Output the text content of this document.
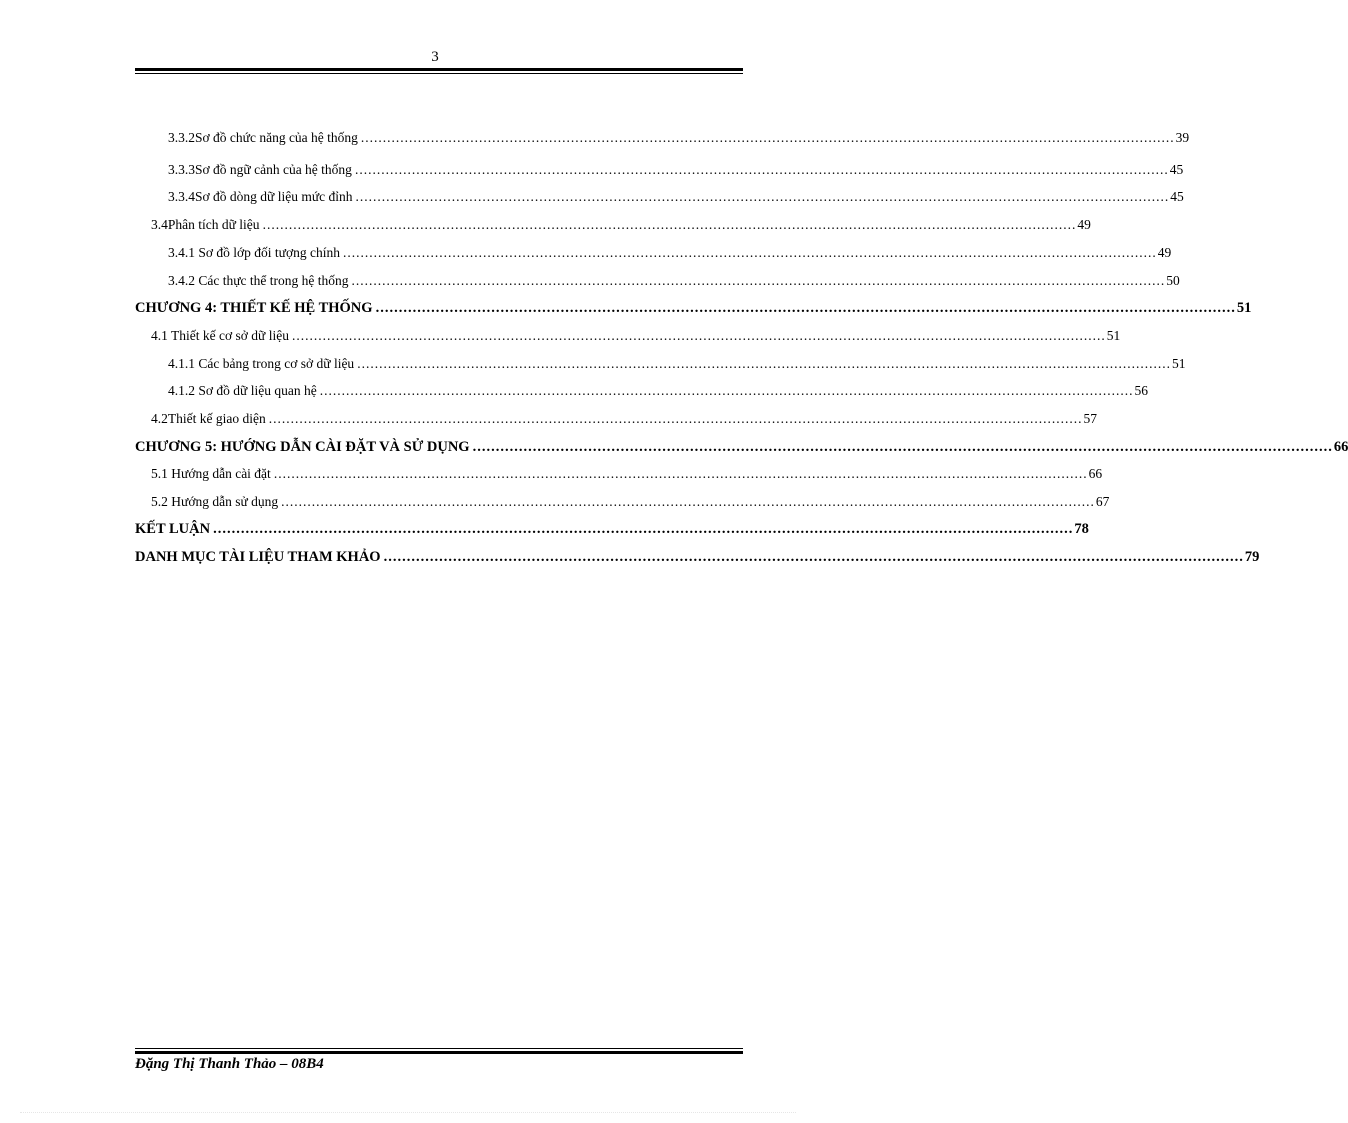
3
3.3.2 Sơ đồ chức năng của hệ thống .......................................................................................................................................................................................... 39
3.3.3 Sơ đồ ngữ cảnh của hệ thống .......................................................................................................................................................................................... 45
3.3.4 Sơ đồ dòng dữ liệu mức đỉnh .......................................................................................................................................................................................... 45
3.4 Phân tích dữ liệu .......................................................................................................................................................................................... 49
3.4.1 Sơ đồ lớp đối tượng chính .......................................................................................................................................................................................... 49
3.4.2 Các thực thể trong hệ thống .......................................................................................................................................................................................... 50
CHƯƠNG 4: THIẾT KẾ HỆ THỐNG .......................................................................................................................................................................................... 51
4.1 Thiết kế cơ sở dữ liệu .......................................................................................................................................................................................... 51
4.1.1 Các bảng trong cơ sở dữ liệu .......................................................................................................................................................................................... 51
4.1.2 Sơ đồ dữ liệu quan hệ .......................................................................................................................................................................................... 56
4.2 Thiết kế giao diện .......................................................................................................................................................................................... 57
CHƯƠNG 5: HƯỚNG DẪN CÀI ĐẶT VÀ SỬ DỤNG .......................................................................................................................................................................................... 66
5.1 Hướng dẫn cài đặt .......................................................................................................................................................................................... 66
5.2 Hướng dẫn sử dụng .......................................................................................................................................................................................... 67
KẾT LUẬN .......................................................................................................................................................................................... 78
DANH MỤC TÀI LIỆU THAM KHẢO .......................................................................................................................................................................................... 79
Đặng Thị Thanh Thảo – 08B4
